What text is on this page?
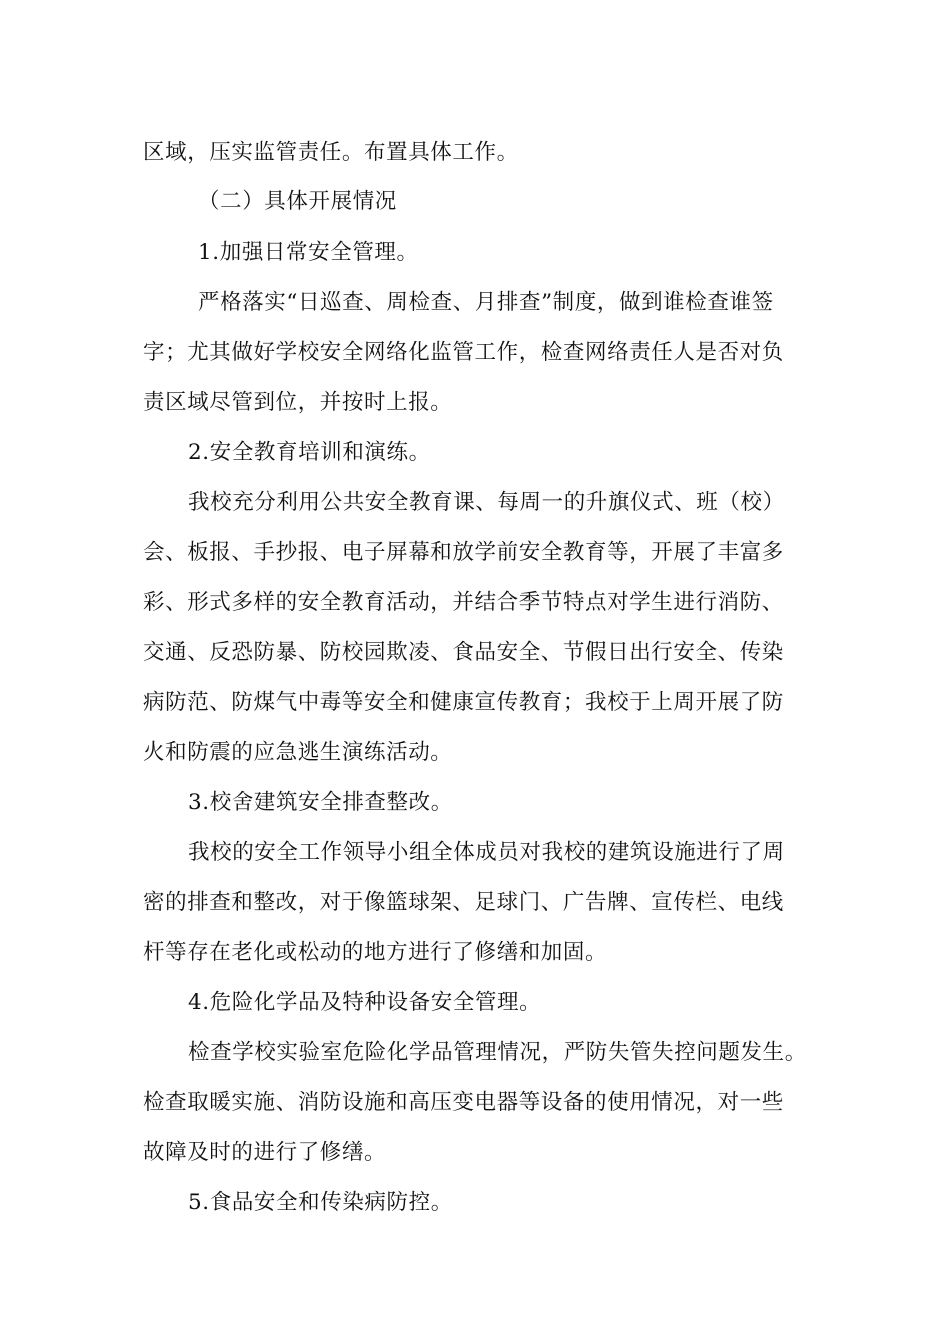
区域，压实监管责任。布置具体工作。

（二）具体开展情况

1.加强日常安全管理。

严格落实“日巡查、周检查、月排查”制度，做到谁检查谁签

字；尤其做好学校安全网络化监管工作，检查网络责任人是否对负

责区域尽管到位，并按时上报。

2.安全教育培训和演练。

我校充分利用公共安全教育课、每周一的升旗仪式、班（校）

会、板报、手抄报、电子屏幕和放学前安全教育等，开展了丰富多

彩、形式多样的安全教育活动，并结合季节特点对学生进行消防、

交通、反恐防暴、防校园欺凌、食品安全、节假日出行安全、传染

病防范、防煤气中毒等安全和健康宣传教育；我校于上周开展了防

火和防震的应急逃生演练活动。

3.校舍建筑安全排查整改。

我校的安全工作领导小组全体成员对我校的建筑设施进行了周

密的排查和整改，对于像篮球架、足球门、广告牌、宣传栏、电线

杆等存在老化或松动的地方进行了修缮和加固。

4.危险化学品及特种设备安全管理。

检查学校实验室危险化学品管理情况，严防失管失控问题发生。

检查取暖实施、消防设施和高压变电器等设备的使用情况，对一些

故障及时的进行了修缮。

5.食品安全和传染病防控。
